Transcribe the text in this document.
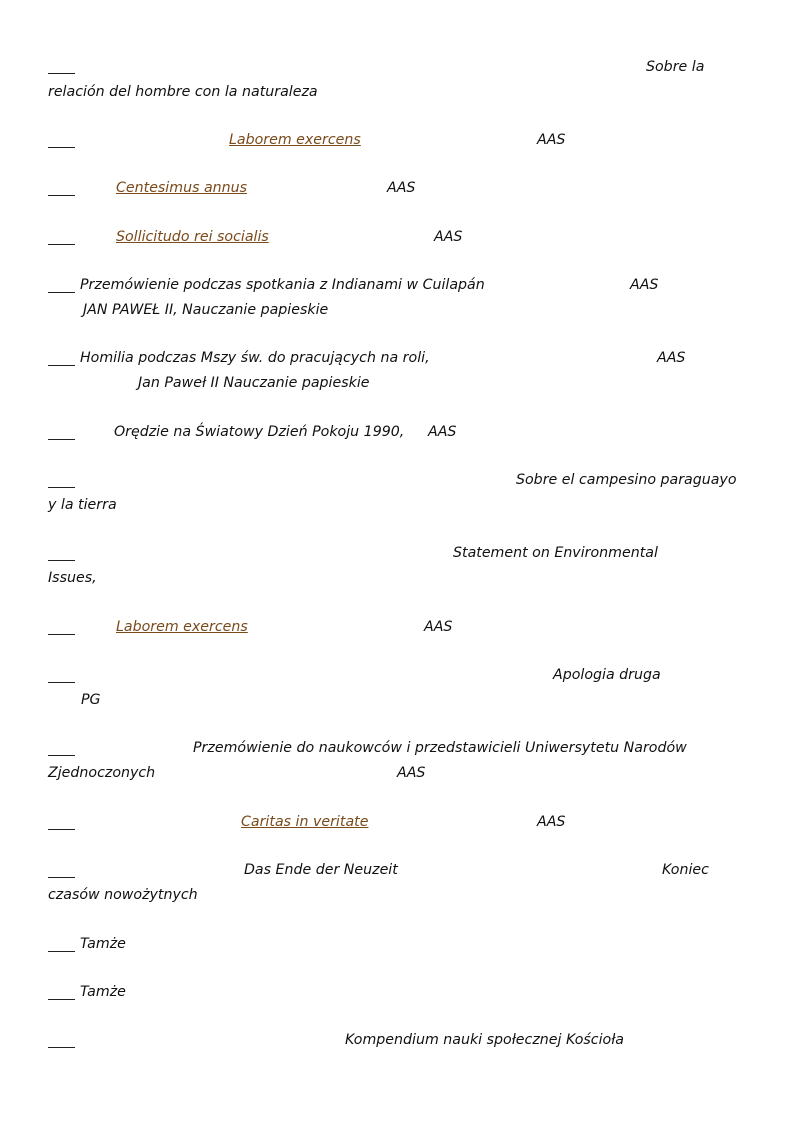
Sobre la
relación del hombre con la naturaleza
Laborem exercens	AAS
Centesimus annus	AAS
Sollicitudo rei socialis	AAS
Przemówienie podczas spotkania z Indianami w Cuilapán	AAS
JAN PAWEŁ II, Nauczanie papieskie
Homilia podczas Mszy św. do pracujących na roli,	AAS
Jan Paweł II Nauczanie papieskie
Orędzie na Światowy Dzień Pokoju 1990, AAS
Sobre el campesino paraguayo
y la tierra
Statement on Environmental
Issues,
Laborem exercens	AAS
Apologia druga
PG
Przemówienie do naukowców i przedstawicieli Uniwersytetu Narodów
Zjednoczonych	AAS
Caritas in veritate	AAS
Das Ende der Neuzeit	Koniec
czasów nowożytnych
Tamże
Tamże
Kompendium nauki społecznej Kościoła
